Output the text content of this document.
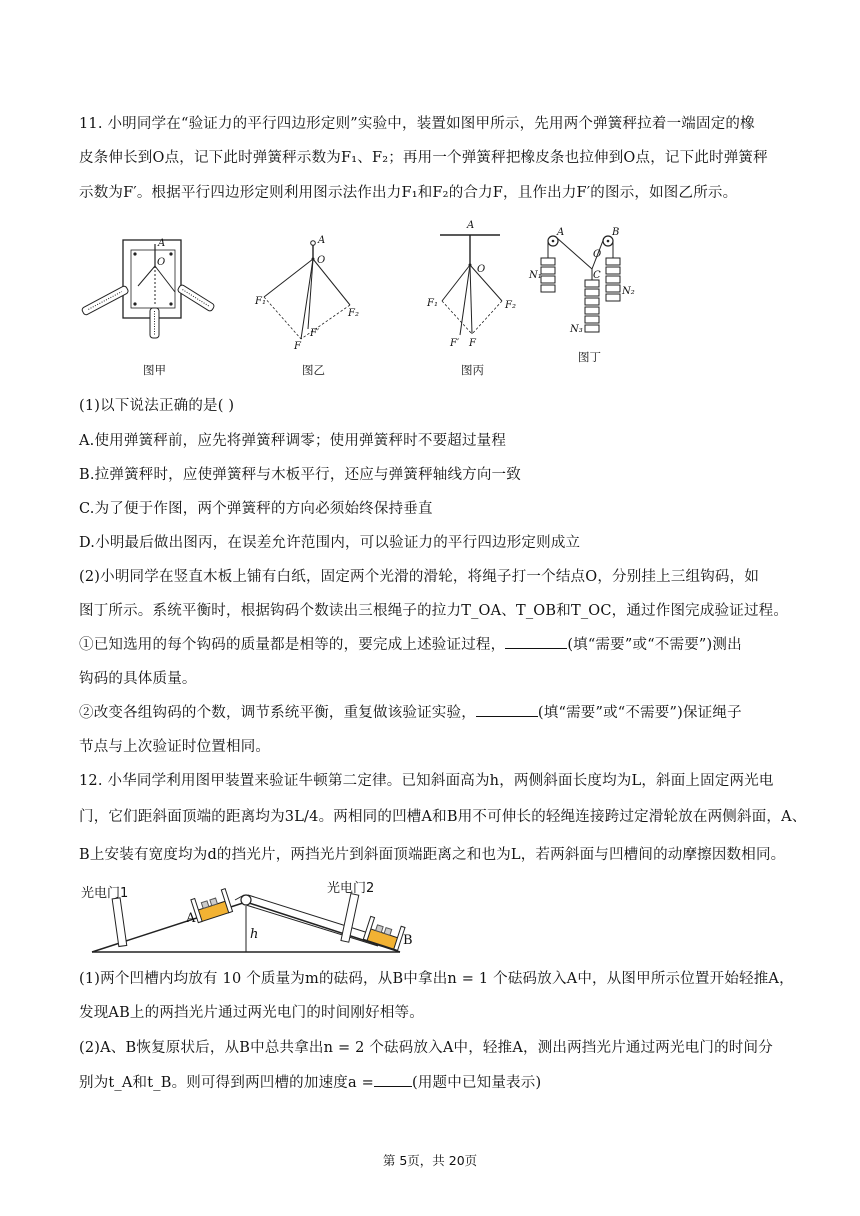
11. 小明同学在“验证力的平行四边形定则”实验中，装置如图甲所示，先用两个弹簧秤拉着一端固定的橡
皮条伸长到O点，记下此时弹簧秤示数为F₁、F₂；再用一个弹簧秤把橡皮条也拉伸到O点，记下此时弹簧秤
示数为F′。根据平行四边形定则利用图示法作出力F₁和F₂的合力F，且作出力F′的图示，如图乙所示。
A
O
图甲
A
O
F₁
F₂
F
F′
图乙
A
O
F₁	F₂
F′ F
图丙
A	B
O
C
N₁
N₂
N₃
图丁
(1)以下说法正确的是( )
A.使用弹簧秤前，应先将弹簧秤调零；使用弹簧秤时不要超过量程
B.拉弹簧秤时，应使弹簧秤与木板平行，还应与弹簧秤轴线方向一致
C.为了便于作图，两个弹簧秤的方向必须始终保持垂直
D.小明最后做出图丙，在误差允许范围内，可以验证力的平行四边形定则成立
(2)小明同学在竖直木板上铺有白纸，固定两个光滑的滑轮，将绳子打一个结点O，分别挂上三组钩码，如
图丁所示。系统平衡时，根据钩码个数读出三根绳子的拉力T_OA、T_OB和T_OC，通过作图完成验证过程。
①已知选用的每个钩码的质量都是相等的，要完成上述验证过程，	(填“需要”或“不需要”)测出
钩码的具体质量。
②改变各组钩码的个数，调节系统平衡，重复做该验证实验，	(填“需要”或“不需要”)保证绳子
节点与上次验证时位置相同。
12. 小华同学利用图甲装置来验证牛顿第二定律。已知斜面高为h，两侧斜面长度均为L，斜面上固定两光电
门，它们距斜面顶端的距离均为3L/4。两相同的凹槽A和B用不可伸长的轻绳连接跨过定滑轮放在两侧斜面，A、
B上安装有宽度均为d的挡光片，两挡光片到斜面顶端距离之和也为L，若两斜面与凹槽间的动摩擦因数相同。
光电门1	光电门2
A
B
h
(1)两个凹槽内均放有 10 个质量为m的砝码，从B中拿出n = 1 个砝码放入A中，从图甲所示位置开始轻推A，
发现AB上的两挡光片通过两光电门的时间刚好相等。
(2)A、B恢复原状后，从B中总共拿出n = 2 个砝码放入A中，轻推A，测出两挡光片通过两光电门的时间分
别为t_A和t_B。则可得到两凹槽的加速度a =	(用题中已知量表示)
第 5页，共 20页
